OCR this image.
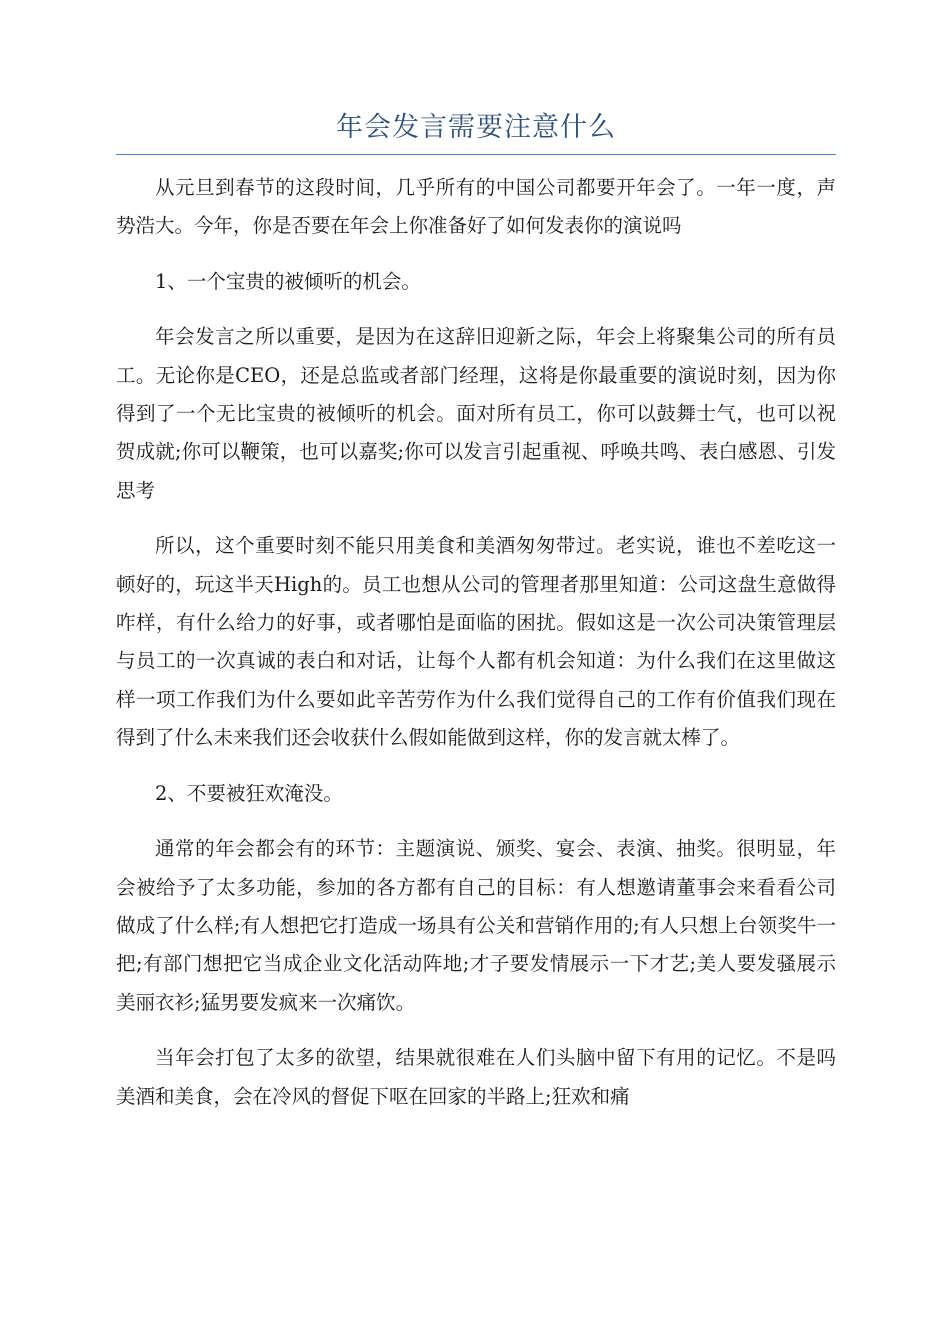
年会发言需要注意什么

从元旦到春节的这段时间，几乎所有的中国公司都要开年会了。一年一度，声势浩大。今年，你是否要在年会上你准备好了如何发表你的演说吗

1、一个宝贵的被倾听的机会。

年会发言之所以重要，是因为在这辞旧迎新之际，年会上将聚集公司的所有员工。无论你是CEO，还是总监或者部门经理，这将是你最重要的演说时刻，因为你得到了一个无比宝贵的被倾听的机会。面对所有员工，你可以鼓舞士气，也可以祝贺成就;你可以鞭策，也可以嘉奖;你可以发言引起重视、呼唤共鸣、表白感恩、引发思考

所以，这个重要时刻不能只用美食和美酒匆匆带过。老实说，谁也不差吃这一顿好的，玩这半天High的。员工也想从公司的管理者那里知道：公司这盘生意做得咋样，有什么给力的好事，或者哪怕是面临的困扰。假如这是一次公司决策管理层与员工的一次真诚的表白和对话，让每个人都有机会知道：为什么我们在这里做这样一项工作我们为什么要如此辛苦劳作为什么我们觉得自己的工作有价值我们现在得到了什么未来我们还会收获什么假如能做到这样，你的发言就太棒了。

2、不要被狂欢淹没。

通常的年会都会有的环节：主题演说、颁奖、宴会、表演、抽奖。很明显，年会被给予了太多功能，参加的各方都有自己的目标：有人想邀请董事会来看看公司做成了什么样;有人想把它打造成一场具有公关和营销作用的;有人只想上台领奖牛一把;有部门想把它当成企业文化活动阵地;才子要发情展示一下才艺;美人要发骚展示美丽衣衫;猛男要发疯来一次痛饮。

当年会打包了太多的欲望，结果就很难在人们头脑中留下有用的记忆。不是吗美酒和美食，会在冷风的督促下呕在回家的半路上;狂欢和痛
